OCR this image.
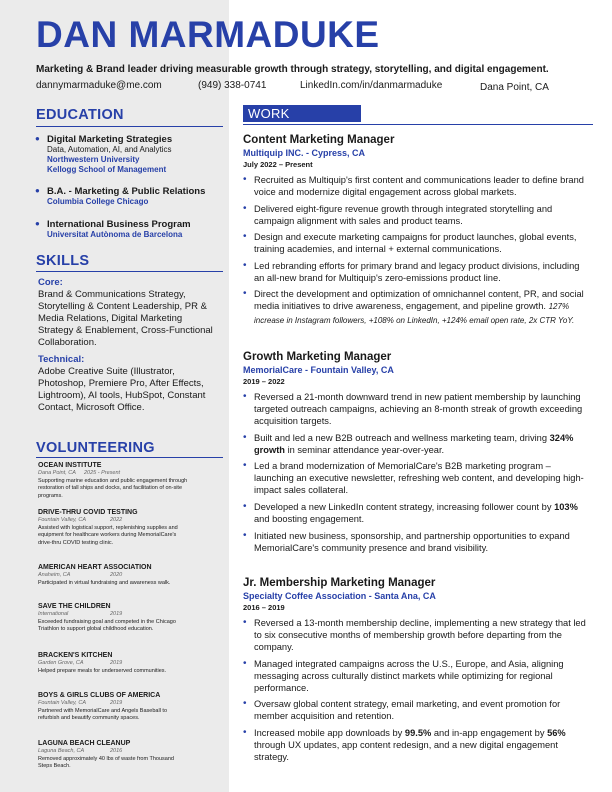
DAN MARMADUKE
Marketing & Brand leader driving measurable growth through strategy, storytelling, and digital engagement.
dannymarmaduke@me.com	(949) 338-0741	LinkedIn.com/in/danmarmaduke	Dana Point, CA
EDUCATION
● Digital Marketing Strategies
Data, Automation, AI, and Analytics
Northwestern University
Kellogg School of Management
● B.A. - Marketing & Public Relations
Columbia College Chicago
● International Business Program
Universitat Autònoma de Barcelona
SKILLS
Core:
Brand & Communications Strategy, Storytelling & Content Leadership, PR & Media Relations, Digital Marketing Strategy & Enablement, Cross-Functional Collaboration.
Technical:
Adobe Creative Suite (Illustrator, Photoshop, Premiere Pro, After Effects, Lightroom), AI tools, HubSpot, Constant Contact, Microsoft Office.
VOLUNTEERING
OCEAN INSTITUTE
Dana Point, CA 2025 - Present
Supporting marine education and public engagement through restoration of tall ships and docks, and facilitation of on-site programs.
DRIVE-THRU COVID TESTING
Fountain Valley, CA	2022
Assisted with logistical support, replenishing supplies and equipment for healthcare workers during MemorialCare's drive-thru COVID testing clinic.
AMERICAN HEART ASSOCIATION
Anaheim, CA	2020
Participated in virtual fundraising and awareness walk.
SAVE THE CHILDREN
International	2019
Exceeded fundraising goal and competed in the Chicago Triathlon to support global childhood education.
BRACKEN'S KITCHEN
Garden Grove, CA	2019
Helped prepare meals for underserved communities.
BOYS & GIRLS CLUBS OF AMERICA
Fountain Valley, CA	2019
Partnered with MemorialCare and Angels Baseball to refurbish and beautify community spaces.
LAGUNA BEACH CLEANUP
Laguna Beach, CA	2016
Removed approximately 40 lbs of waste from Thousand Steps Beach.
WORK EXPERIENCE
Content Marketing Manager
Multiquip INC. - Cypress, CA
July 2022 – Present
• Recruited as Multiquip's first content and communications leader to define brand voice and modernize digital engagement across global markets.
• Delivered eight-figure revenue growth through integrated storytelling and campaign alignment with sales and product teams.
• Design and execute marketing campaigns for product launches, global events, training academies, and internal + external communications.
• Led rebranding efforts for primary brand and legacy product divisions, including an all-new brand for Multiquip's zero-emissions product line.
• Direct the development and optimization of omnichannel content, PR, and social media initiatives to drive awareness, engagement, and pipeline growth. 127% increase in Instagram followers, +108% on LinkedIn, +124% email open rate, 2x CTR YoY.
Growth Marketing Manager
MemorialCare - Fountain Valley, CA
2019 – 2022
• Reversed a 21-month downward trend in new patient membership by launching targeted outreach campaigns, achieving an 8-month streak of growth exceeding acquisition targets.
• Built and led a new B2B outreach and wellness marketing team, driving 324% growth in seminar attendance year-over-year.
• Led a brand modernization of MemorialCare's B2B marketing program – launching an executive newsletter, refreshing web content, and developing high-impact sales collateral.
• Developed a new LinkedIn content strategy, increasing follower count by 103% and boosting engagement.
• Initiated new business, sponsorship, and partnership opportunities to expand MemorialCare's community presence and brand visibility.
Jr. Membership Marketing Manager
Specialty Coffee Association - Santa Ana, CA
2016 – 2019
• Reversed a 13-month membership decline, implementing a new strategy that led to six consecutive months of membership growth before departing from the company.
• Managed integrated campaigns across the U.S., Europe, and Asia, aligning messaging across culturally distinct markets while optimizing for regional performance.
• Oversaw global content strategy, email marketing, and event promotion for member acquisition and retention.
• Increased mobile app downloads by 99.5% and in-app engagement by 56% through UX updates, app content redesign, and a new digital engagement strategy.
